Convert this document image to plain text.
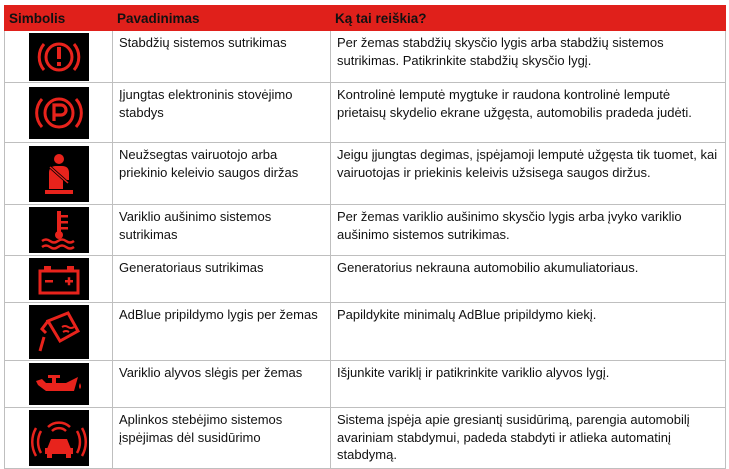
Simbolis	Pavadinimas	Ką tai reiškia?

	Stabdžių sistemos sutrikimas	Per žemas stabdžių skysčio lygis arba stabdžių sistemos sutrikimas. Patikrinkite stabdžių skysčio lygį.

	Įjungtas elektroninis stovėjimo stabdys	Kontrolinė lemputė mygtuke ir raudona kontrolinė lemputė prietaisų skydelio ekrane užgęsta, automobilis pradeda judėti.

	Neužsegtas vairuotojo arba priekinio keleivio saugos diržas	Jeigu įjungtas degimas, įspėjamoji lemputė užgęsta tik tuomet, kai vairuotojas ir priekinis keleivis užsisega saugos diržus.

	Variklio aušinimo sistemos sutrikimas	Per žemas variklio aušinimo skysčio lygis arba įvyko variklio aušinimo sistemos sutrikimas.

	Generatoriaus sutrikimas	Generatorius nekrauna automobilio akumuliatoriaus.

	AdBlue pripildymo lygis per žemas	Papildykite minimalų AdBlue pripildymo kiekį.

	Variklio alyvos slėgis per žemas	Išjunkite variklį ir patikrinkite variklio alyvos lygį.

	Aplinkos stebėjimo sistemos įspėjimas dėl susidūrimo	Sistema įspėja apie gresiantį susidūrimą, parengia automobilį avariniam stabdymui, padeda stabdyti ir atlieka automatinį stabdymą.
